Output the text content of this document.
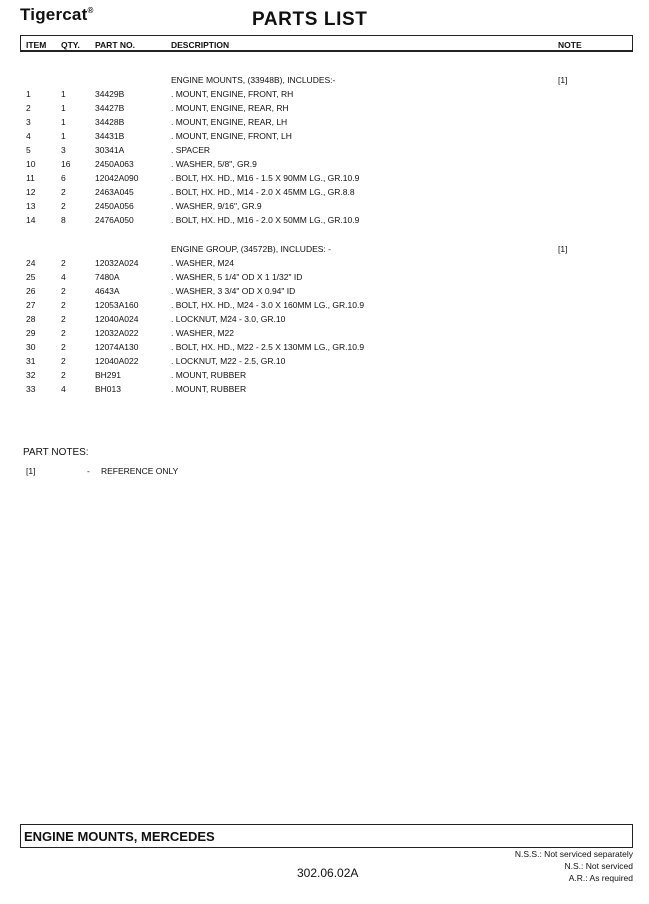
Tigercat®	PARTS LIST
ITEM QTY. PART NO.	DESCRIPTION	NOTE
ENGINE MOUNTS, (33948B), INCLUDES:-	[1]
1	1	34429B	. MOUNT, ENGINE, FRONT, RH
2	1	34427B	. MOUNT, ENGINE, REAR, RH
3	1	34428B	. MOUNT, ENGINE, REAR, LH
4	1	34431B	. MOUNT, ENGINE, FRONT, LH
5	3	30341A	. SPACER
10	16	2450A063	. WASHER, 5/8", GR.9
11	6	12042A090	. BOLT, HX. HD., M16 - 1.5 X 90MM LG., GR.10.9
12	2	2463A045	. BOLT, HX. HD., M14 - 2.0 X 45MM LG., GR.8.8
13	2	2450A056	. WASHER, 9/16", GR.9
14	8	2476A050	. BOLT, HX. HD., M16 - 2.0 X 50MM LG., GR.10.9
ENGINE GROUP, (34572B), INCLUDES: -	[1]
24	2	12032A024	. WASHER, M24
25	4	7480A	. WASHER, 5 1/4" OD X 1 1/32" ID
26	2	4643A	. WASHER, 3 3/4" OD X 0.94" ID
27	2	12053A160	. BOLT, HX. HD., M24 - 3.0 X 160MM LG., GR.10.9
28	2	12040A024	. LOCKNUT, M24 - 3.0, GR.10
29	2	12032A022	. WASHER, M22
30	2	12074A130	. BOLT, HX. HD., M22 - 2.5 X 130MM LG., GR.10.9
31	2	12040A022	. LOCKNUT, M22 - 2.5, GR.10
32	2	BH291	. MOUNT, RUBBER
33	4	BH013	. MOUNT, RUBBER
PART NOTES:
[1]	- REFERENCE ONLY
ENGINE MOUNTS, MERCEDES
302.06.02A
N.S.S.: Not serviced separately
N.S.: Not serviced
A.R.: As required
